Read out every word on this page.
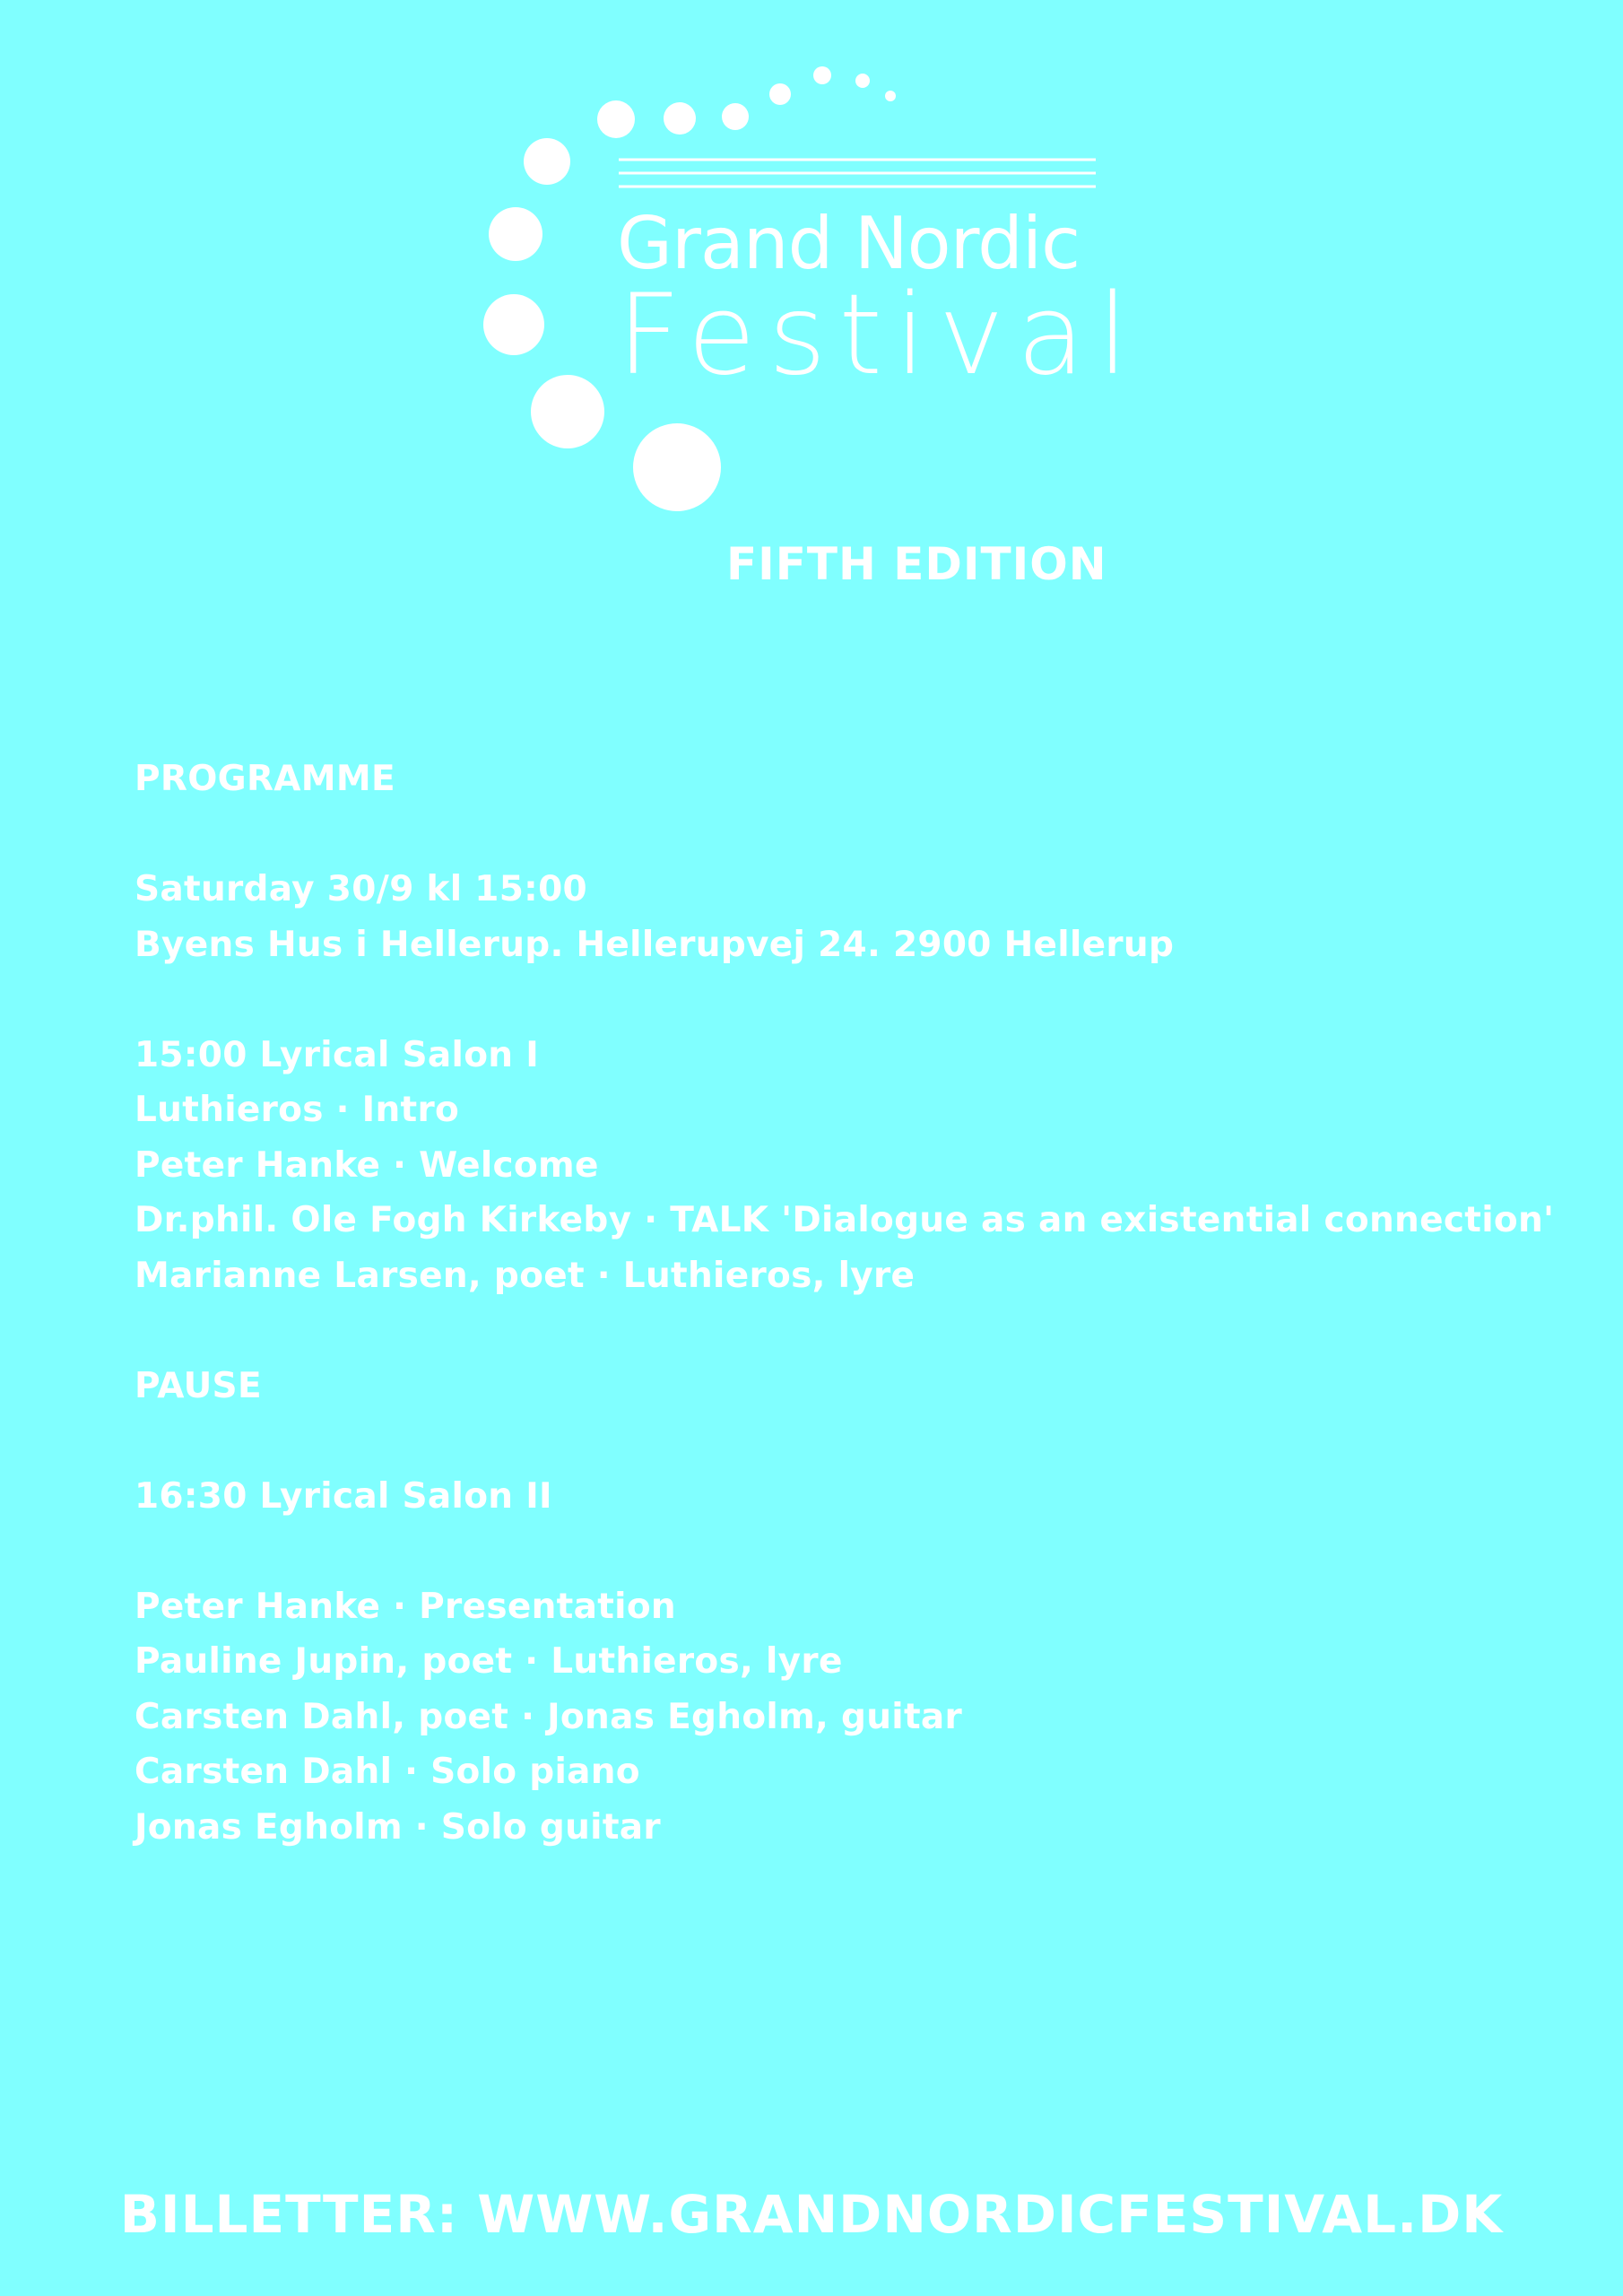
Grand Nordic
Festival
FIFTH EDITION
PROGRAMME
Saturday 30/9 kl 15:00
Byens Hus i Hellerup. Hellerupvej 24. 2900 Hellerup
15:00 Lyrical Salon I
Luthieros · Intro
Peter Hanke · Welcome
Dr.phil. Ole Fogh Kirkeby · TALK 'Dialogue as an existential connection'
Marianne Larsen, poet · Luthieros, lyre
PAUSE
16:30 Lyrical Salon II
Peter Hanke · Presentation
Pauline Jupin, poet · Luthieros, lyre
Carsten Dahl, poet · Jonas Egholm, guitar
Carsten Dahl · Solo piano
Jonas Egholm · Solo guitar
BILLETTER: WWW.GRANDNORDICFESTIVAL.DK
